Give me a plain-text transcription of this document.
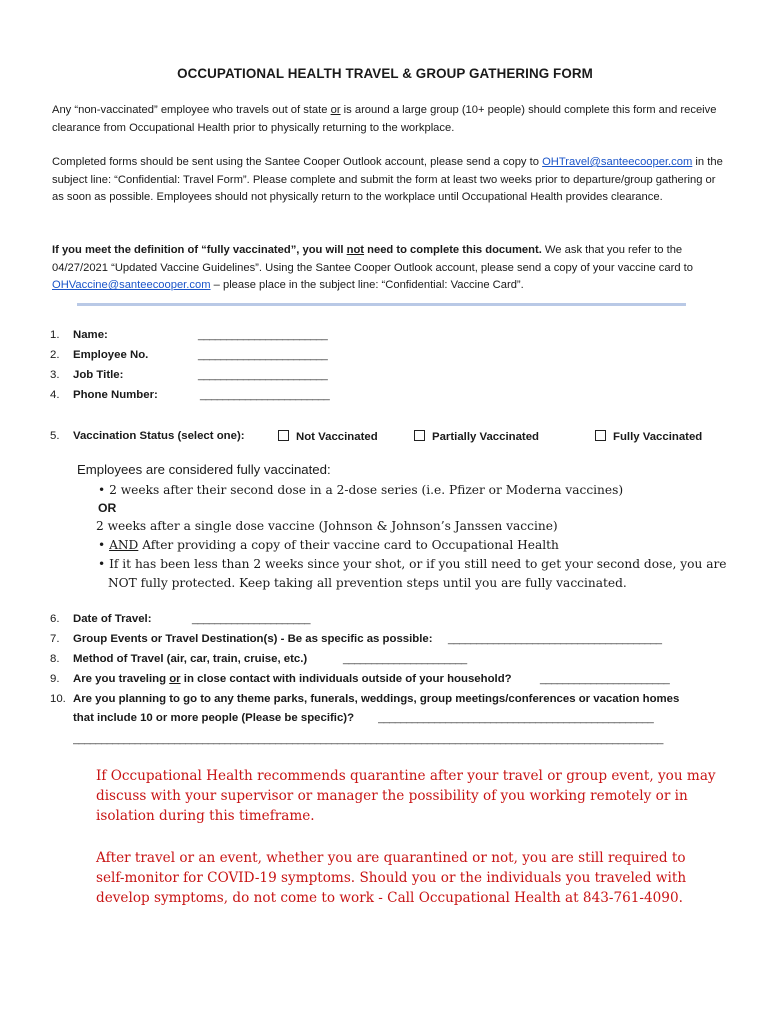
OCCUPATIONAL HEALTH TRAVEL & GROUP GATHERING FORM
Any “non-vaccinated” employee who travels out of state or is around a large group (10+ people) should complete this form and receive clearance from Occupational Health prior to physically returning to the workplace.
Completed forms should be sent using the Santee Cooper Outlook account, please send a copy to OHTravel@santeecooper.com in the subject line: “Confidential: Travel Form”. Please complete and submit the form at least two weeks prior to departure/group gathering or as soon as possible. Employees should not physically return to the workplace until Occupational Health provides clearance.
If you meet the definition of “fully vaccinated”, you will not need to complete this document. We ask that you refer to the 04/27/2021 “Updated Vaccine Guidelines”. Using the Santee Cooper Outlook account, please send a copy of your vaccine card to OHVaccine@santeecooper.com – please place in the subject line: “Confidential: Vaccine Card”.
1. Name:	_______________________
2. Employee No.	_______________________
3. Job Title:	_______________________
4. Phone Number:	_______________________
5. Vaccination Status (select one):	Not Vaccinated	Partially Vaccinated	Fully Vaccinated
Employees are considered fully vaccinated:
• 2 weeks after their second dose in a 2-dose series (i.e. Pfizer or Moderna vaccines)
OR
2 weeks after a single dose vaccine (Johnson & Johnson’s Janssen vaccine)
• AND After providing a copy of their vaccine card to Occupational Health
• If it has been less than 2 weeks since your shot, or if you still need to get your second dose, you are
NOT fully protected. Keep taking all prevention steps until you are fully vaccinated.
6. Date of Travel:	_____________________
7. Group Events or Travel Destination(s) - Be as specific as possible: ______________________________________
8. Method of Travel (air, car, train, cruise, etc.)	______________________
9. Are you traveling or in close contact with individuals outside of your household?	_______________________
10. Are you planning to go to any theme parks, funerals, weddings, group meetings/conferences or vacation homes
that include 10 or more people (Please be specific)? _________________________________________________
_________________________________________________________________________________________________________
If Occupational Health recommends quarantine after your travel or group event, you may discuss with your supervisor or manager the possibility of you working remotely or in isolation during this timeframe.
After travel or an event, whether you are quarantined or not, you are still required to self-monitor for COVID-19 symptoms. Should you or the individuals you traveled with develop symptoms, do not come to work - Call Occupational Health at 843-761-4090.
